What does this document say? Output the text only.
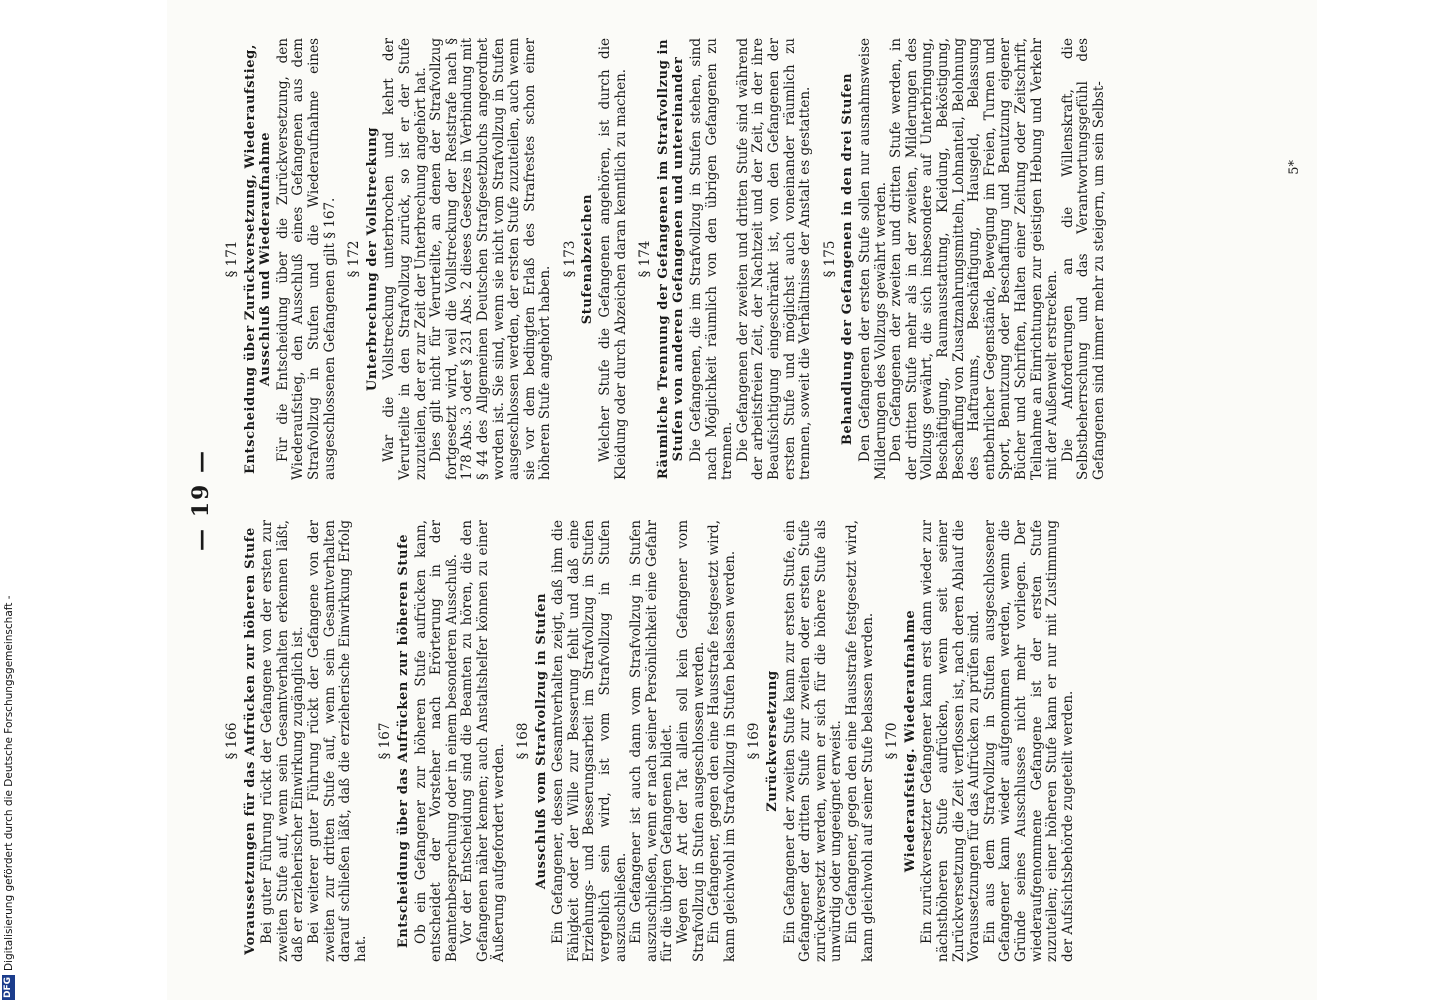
— 19 —
§ 166 Voraussetzungen für das Aufrücken zur höheren Stufe Bei guter Führung rückt der Gefangene von der ersten zur zweiten Stufe auf, wenn sein Gesamtverhalten erkennen läßt, daß er erzieherischer Einwirkung zugänglich ist. Bei weiterer guter Führung rückt der Gefangene von der zweiten zur dritten Stufe auf, wenn sein Gesamtverhalten darauf schließen läßt, daß die erzieherische Einwirkung Erfolg hat.

§ 167 Entscheidung über das Aufrücken zur höheren Stufe Ob ein Gefangener zur höheren Stufe aufrücken kann, entscheidet der Vorsteher nach Erörterung in der Beamtenbesprechung oder in einem besonderen Ausschuß. Vor der Entscheidung sind die Beamten zu hören, die den Gefangenen näher kennen; auch Anstaltshelfer können zu einer Äußerung aufgefordert werden.

§ 168 Ausschluß vom Strafvollzug in Stufen Ein Gefangener, dessen Gesamtverhalten zeigt, daß ihm die Fähigkeit oder der Wille zur Besserung fehlt und daß eine Erziehungs- und Besserungsarbeit im Strafvollzug in Stufen vergeblich sein wird, ist vom Strafvollzug in Stufen auszuschließen. Ein Gefangener ist auch dann vom Strafvollzug in Stufen auszuschließen, wenn er nach seiner Persönlichkeit eine Gefahr für die übrigen Gefangenen bildet. Wegen der Art der Tat allein soll kein Gefangener vom Strafvollzug in Stufen ausgeschlossen werden. Ein Gefangener, gegen den eine Hausstrafe festgesetzt wird, kann gleichwohl im Strafvollzug in Stufen belassen werden. § 169 Zurückversetzung Ein Gefangener der zweiten Stufe kann zur ersten Stufe, ein Gefangener der dritten Stufe zur zweiten oder ersten Stufe zurückversetzt werden, wenn er sich für die höhere Stufe als unwürdig oder ungeeignet erweist. Ein Gefangener, gegen den eine Hausstrafe festgesetzt wird, kann gleichwohl auf seiner Stufe belassen werden. § 170 Wiederaufstieg. Wiederaufnahme Ein zurückversetzter Gefangener kann erst dann wieder zur nächsthöheren Stufe aufrücken, wenn seit seiner Zurückversetzung die Zeit verflossen ist, nach deren Ablauf die Voraussetzungen für das Aufrücken zu prüfen sind. Ein aus dem Strafvollzug in Stufen ausgeschlossener Gefangener kann wieder aufgenommen werden, wenn die Gründe seines Ausschlusses nicht mehr vorliegen. Der wiederaufgenommene Gefangene ist der ersten Stufe zuzuteilen; einer höheren Stufe kann er nur mit Zustimmung der Aufsichtsbehörde zugeteilt werden.

§ 171 Entscheidung über Zurückversetzung, Wiederaufstieg, Ausschluß und Wiederaufnahme Für die Entscheidung über die Zurückversetzung, den Wiederaufstieg, den Ausschluß eines Gefangenen aus dem Strafvollzug in Stufen und die Wiederaufnahme eines ausgeschlossenen Gefangenen gilt § 167. § 172 Unterbrechung der Vollstreckung War die Vollstreckung unterbrochen und kehrt der Verurteilte in den Strafvollzug zurück, so ist er der Stufe zuzuteilen, der er zur Zeit der Unterbrechung angehört hat. Dies gilt nicht für Verurteilte, an denen der Strafvollzug fortgesetzt wird, weil die Vollstreckung der Reststrafe nach § 178 Abs. 3 oder § 231 Abs. 2 dieses Gesetzes in Verbindung mit § 44 des Allgemeinen Deutschen Strafgesetzbuchs angeordnet worden ist. Sie sind, wenn sie nicht vom Strafvollzug in Stufen ausgeschlossen werden, der ersten Stufe zuzuteilen, auch wenn sie vor dem bedingten Erlaß des Strafrestes schon einer höheren Stufe angehört haben.

§ 173 Stufenabzeichen Welcher Stufe die Gefangenen angehören, ist durch die Kleidung oder durch Abzeichen daran kenntlich zu machen. § 174 Räumliche Trennung der Gefangenen im Strafvollzug in Stufen von anderen Gefangenen und untereinander Die Gefangenen, die im Strafvollzug in Stufen stehen, sind nach Möglichkeit räumlich von den übrigen Gefangenen zu trennen. Die Gefangenen der zweiten und dritten Stufe sind während der arbeitsfreien Zeit, der Nachtzeit und der Zeit, in der ihre Beaufsichtigung eingeschränkt ist, von den Gefangenen der ersten Stufe und möglichst auch voneinander räumlich zu trennen, soweit die Verhältnisse der Anstalt es gestatten. § 175 Behandlung der Gefangenen in den drei Stufen Den Gefangenen der ersten Stufe sollen nur ausnahmsweise Milderungen des Vollzugs gewährt werden. Den Gefangenen der zweiten und dritten Stufe werden, in der dritten Stufe mehr als in der zweiten, Milderungen des Vollzugs gewährt, die sich insbesondere auf Unterbringung, Beschäftigung, Raumausstattung, Kleidung, Beköstigung, Beschaffung von Zusatznahrungsmitteln, Lohnanteil, Belohnung des Haftraums, Beschäftigung, Hausgeld, Belassung entbehrlicher Gegenstände, Bewegung im Freien, Turnen und Sport, Benutzung oder Beschaffung und Benutzung eigener Bücher und Schriften, Halten einer Zeitung oder Zeitschrift, Teilnahme an Einrichtungen zur geistigen Hebung und Verkehr mit der Außenwelt erstrecken. Die Anforderungen an die Willenskraft, die Selbstbeherrschung und das Verantwortungsgefühl des Gefangenen sind immer mehr zu steigern, um sein Selbst-	5*
DFG
Digitalisierung gefördert durch die Deutsche Forschungsgemeinschaft -
